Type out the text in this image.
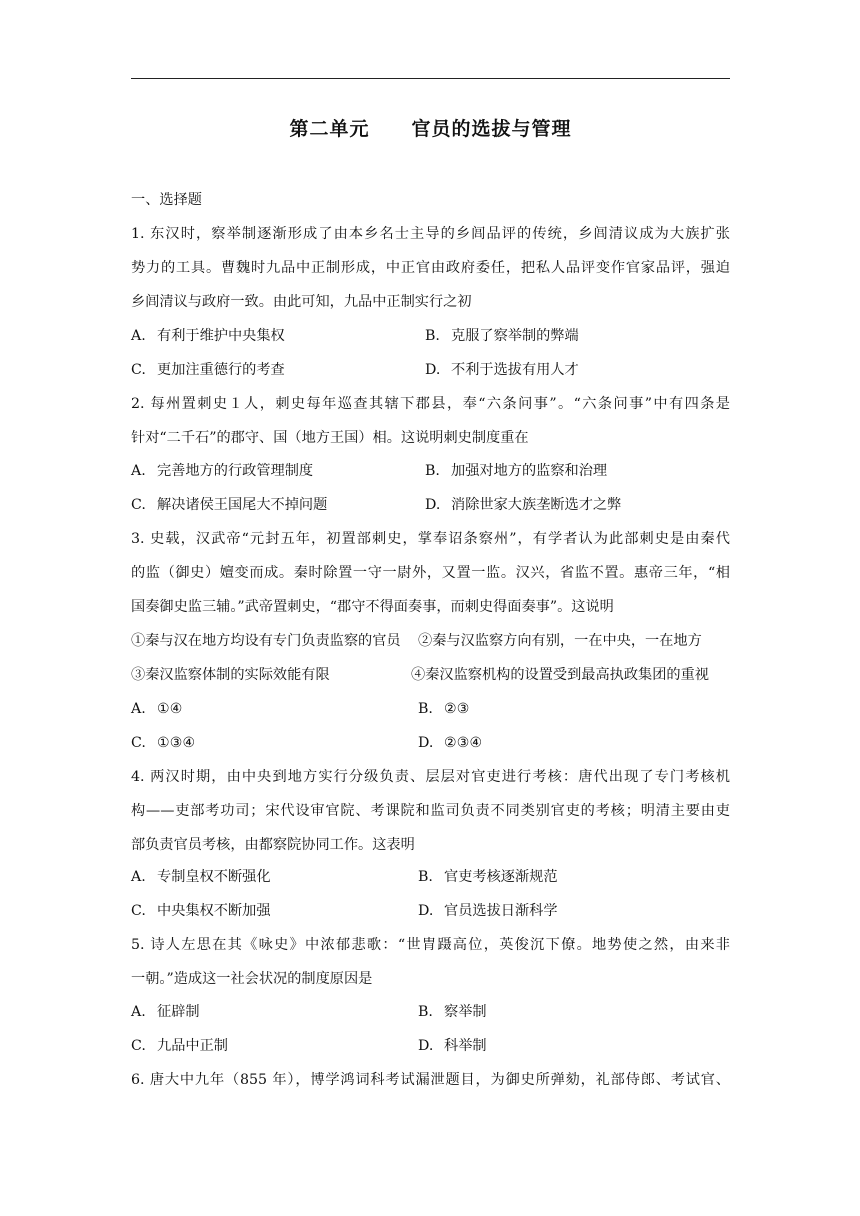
第二单元 官员的选拔与管理
一、选择题
1. 东汉时，察举制逐渐形成了由本乡名士主导的乡闾品评的传统，乡闾清议成为大族扩张
势力的工具。曹魏时九品中正制形成，中正官由政府委任，把私人品评变作官家品评，强迫
乡闾清议与政府一致。由此可知，九品中正制实行之初
A. 有利于维护中央集权	B. 克服了察举制的弊端
C. 更加注重德行的考查	D. 不利于选拔有用人才
2. 每州置刺史１人，刺史每年巡查其辖下郡县，奉“六条问事”。“六条问事”中有四条是
针对“二千石”的郡守、国（地方王国）相。这说明刺史制度重在
A. 完善地方的行政管理制度	B. 加强对地方的监察和治理
C. 解决诸侯王国尾大不掉问题	D. 消除世家大族垄断选才之弊
3. 史载，汉武帝“元封五年，初置部刺史，掌奉诏条察州”，有学者认为此部刺史是由秦代
的监（御史）嬗变而成。秦时除置一守一尉外，又置一监。汉兴，省监不置。惠帝三年，“相
国奏御史监三辅。”武帝置刺史，“郡守不得面奏事，而刺史得面奏事”。这说明
①秦与汉在地方均设有专门负责监察的官员 ②秦与汉监察方向有别，一在中央，一在地方
③秦汉监察体制的实际效能有限	④秦汉监察机构的设置受到最高执政集团的重视
A. ①④	B. ②③
C. ①③④	D. ②③④
4. 两汉时期，由中央到地方实行分级负责、层层对官吏进行考核：唐代出现了专门考核机
构——吏部考功司；宋代设审官院、考课院和监司负责不同类别官吏的考核；明清主要由吏
部负责官员考核，由都察院协同工作。这表明
A. 专制皇权不断强化	B. 官吏考核逐渐规范
C. 中央集权不断加强	D. 官员选拔日渐科学
5. 诗人左思在其《咏史》中浓郁悲歌：“世胄蹑高位，英俊沉下僚。地势使之然，由来非
一朝。”造成这一社会状况的制度原因是
A. 征辟制	B. 察举制
C. 九品中正制	D. 科举制
6. 唐大中九年（855 年），博学鸿词科考试漏泄题目，为御史所弹劾，礼部侍郎、考试官、
